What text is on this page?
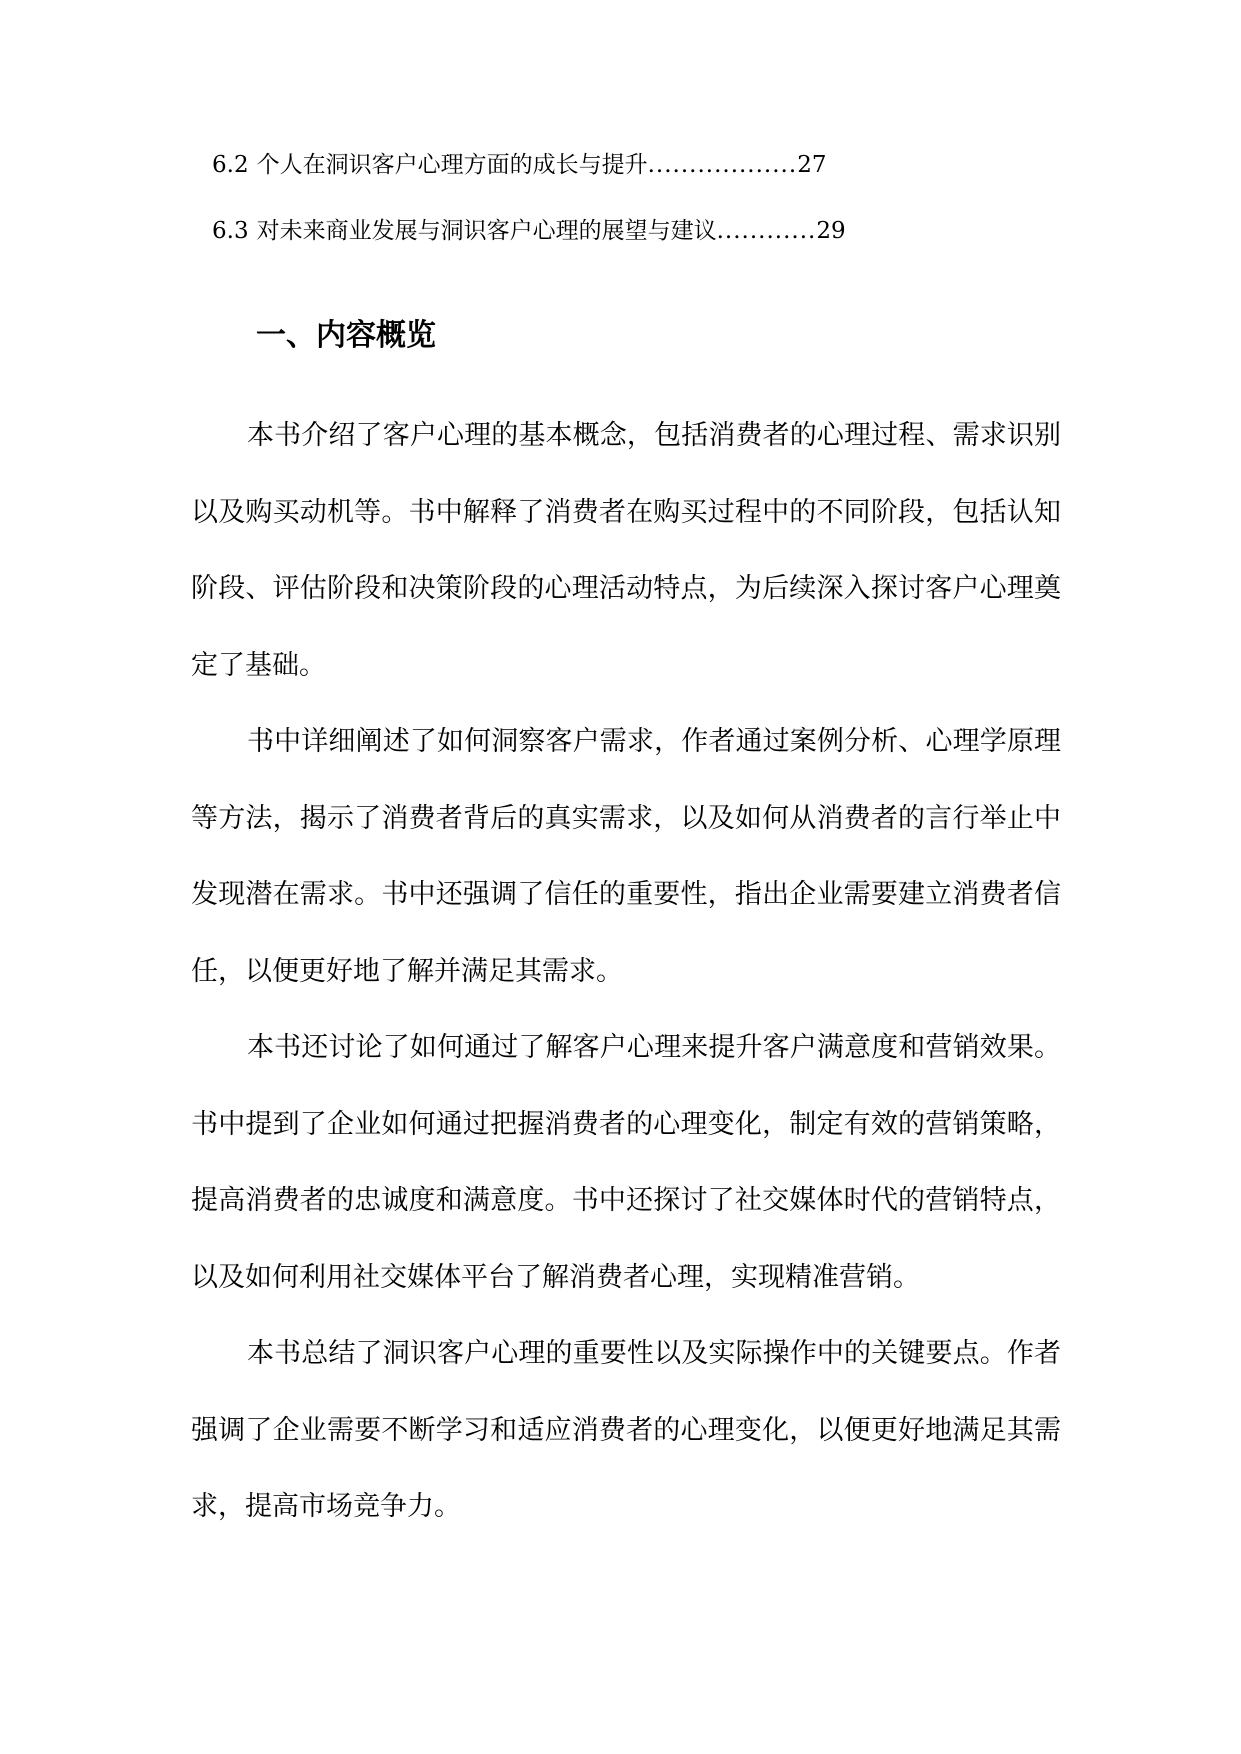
6.2 个人在洞识客户心理方面的成长与提升 .................. 27
6.3 对未来商业发展与洞识客户心理的展望与建议 ............ 29
一、内容概览

本书介绍了客户心理的基本概念，包括消费者的心理过程、需求识别以及购买动机等。书中解释了消费者在购买过程中的不同阶段，包括认知阶段、评估阶段和决策阶段的心理活动特点，为后续深入探讨客户心理奠定了基础。

书中详细阐述了如何洞察客户需求，作者通过案例分析、心理学原理等方法，揭示了消费者背后的真实需求，以及如何从消费者的言行举止中发现潜在需求。书中还强调了信任的重要性，指出企业需要建立消费者信任，以便更好地了解并满足其需求。

本书还讨论了如何通过了解客户心理来提升客户满意度和营销效果。书中提到了企业如何通过把握消费者的心理变化，制定有效的营销策略，提高消费者的忠诚度和满意度。书中还探讨了社交媒体时代的营销特点，以及如何利用社交媒体平台了解消费者心理，实现精准营销。

本书总结了洞识客户心理的重要性以及实际操作中的关键要点。作者强调了企业需要不断学习和适应消费者的心理变化，以便更好地满足其需求，提高市场竞争力。
